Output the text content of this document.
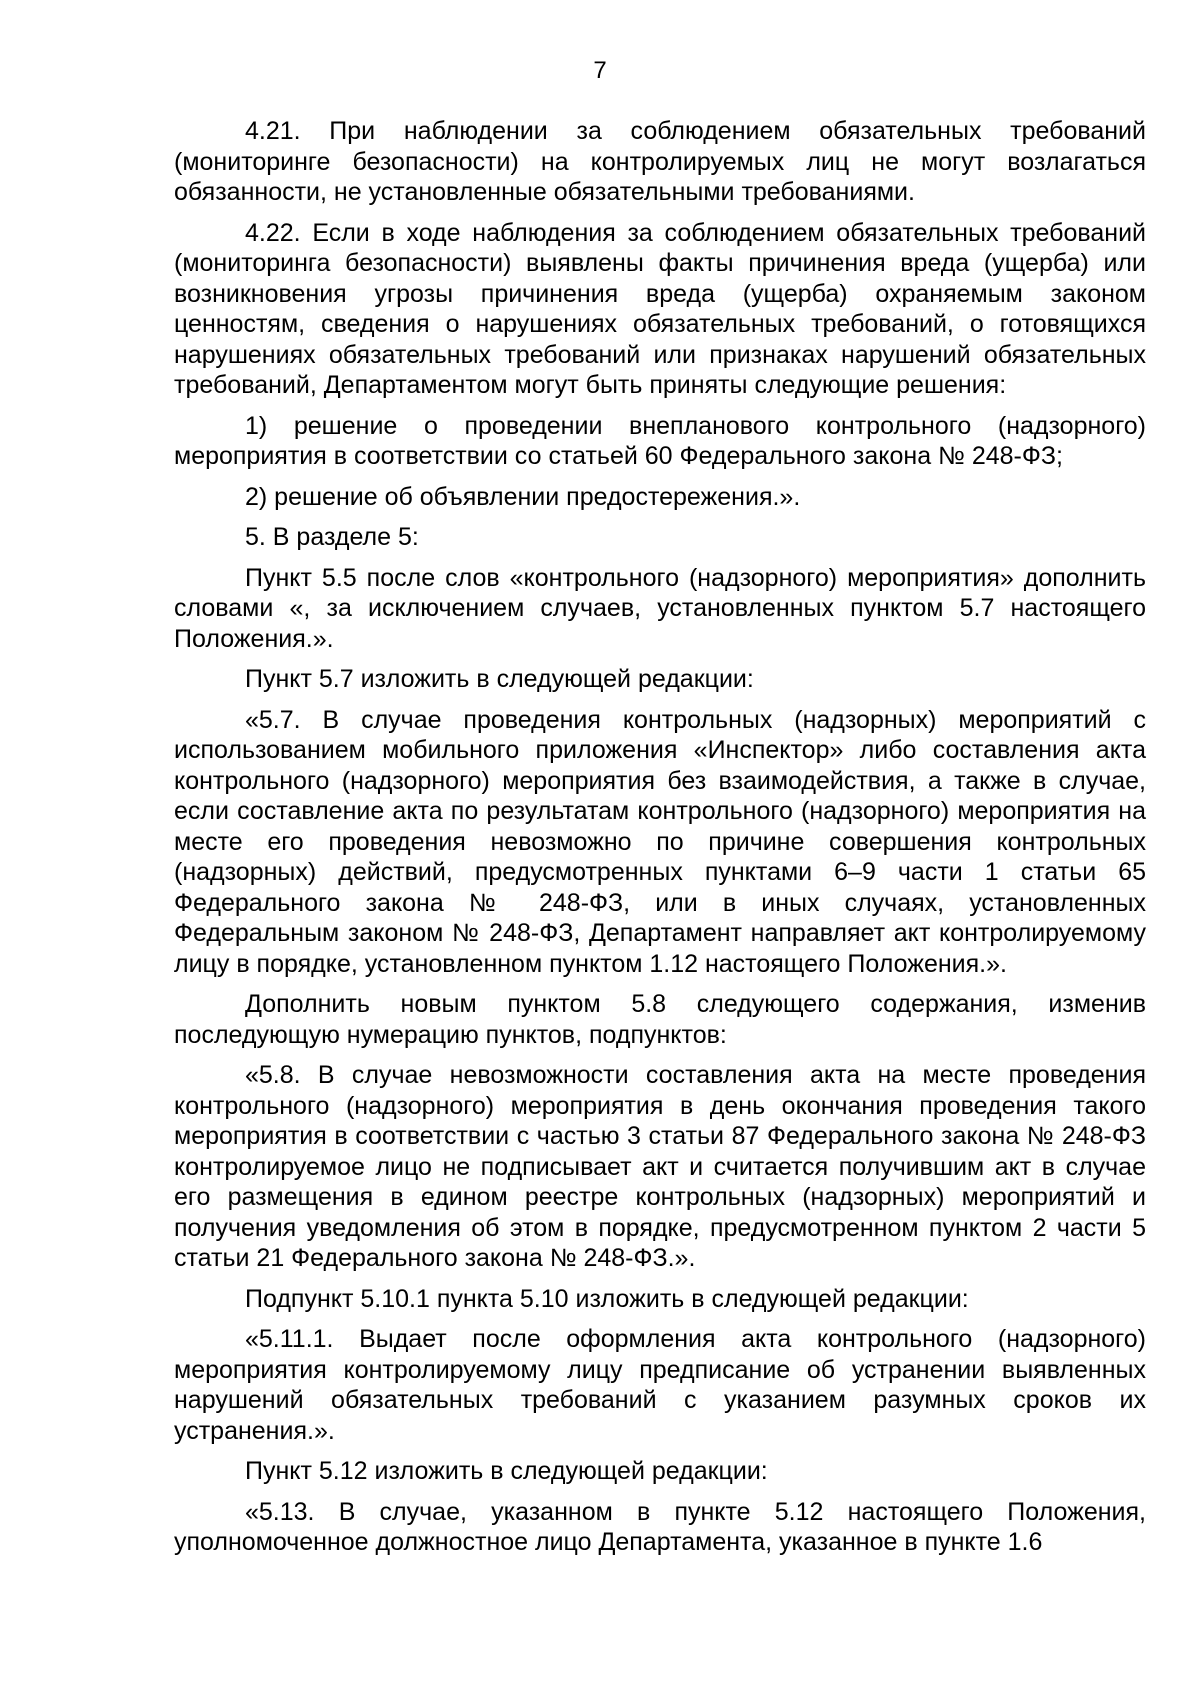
7

4.21. При наблюдении за соблюдением обязательных требований (мониторинге безопасности) на контролируемых лиц не могут возлагаться обязанности, не установленные обязательными требованиями.

4.22. Если в ходе наблюдения за соблюдением обязательных требований (мониторинга безопасности) выявлены факты причинения вреда (ущерба) или возникновения угрозы причинения вреда (ущерба) охраняемым законом ценностям, сведения о нарушениях обязательных требований, о готовящихся нарушениях обязательных требований или признаках нарушений обязательных требований, Департаментом могут быть приняты следующие решения:

1) решение о проведении внепланового контрольного (надзорного) мероприятия в соответствии со статьей 60 Федерального закона № 248-ФЗ;

2) решение об объявлении предостережения.».

5. В разделе 5:

Пункт 5.5 после слов «контрольного (надзорного) мероприятия» дополнить словами «, за исключением случаев, установленных пунктом 5.7 настоящего Положения.».

Пункт 5.7 изложить в следующей редакции:

«5.7. В случае проведения контрольных (надзорных) мероприятий с использованием мобильного приложения «Инспектор» либо составления акта контрольного (надзорного) мероприятия без взаимодействия, а также в случае, если составление акта по результатам контрольного (надзорного) мероприятия на месте его проведения невозможно по причине совершения контрольных (надзорных) действий, предусмотренных пунктами 6–9 части 1 статьи 65 Федерального закона № 248-ФЗ, или в иных случаях, установленных Федеральным законом № 248-ФЗ, Департамент направляет акт контролируемому лицу в порядке, установленном пунктом 1.12 настоящего Положения.».

Дополнить новым пунктом 5.8 следующего содержания, изменив последующую нумерацию пунктов, подпунктов:

«5.8. В случае невозможности составления акта на месте проведения контрольного (надзорного) мероприятия в день окончания проведения такого мероприятия в соответствии с частью 3 статьи 87 Федерального закона № 248-ФЗ контролируемое лицо не подписывает акт и считается получившим акт в случае его размещения в едином реестре контрольных (надзорных) мероприятий и получения уведомления об этом в порядке, предусмотренном пунктом 2 части 5 статьи 21 Федерального закона № 248-ФЗ.».

Подпункт 5.10.1 пункта 5.10 изложить в следующей редакции:

«5.11.1. Выдает после оформления акта контрольного (надзорного) мероприятия контролируемому лицу предписание об устранении выявленных нарушений обязательных требований с указанием разумных сроков их устранения.».

Пункт 5.12 изложить в следующей редакции:

«5.13. В случае, указанном в пункте 5.12 настоящего Положения, уполномоченное должностное лицо Департамента, указанное в пункте 1.6
